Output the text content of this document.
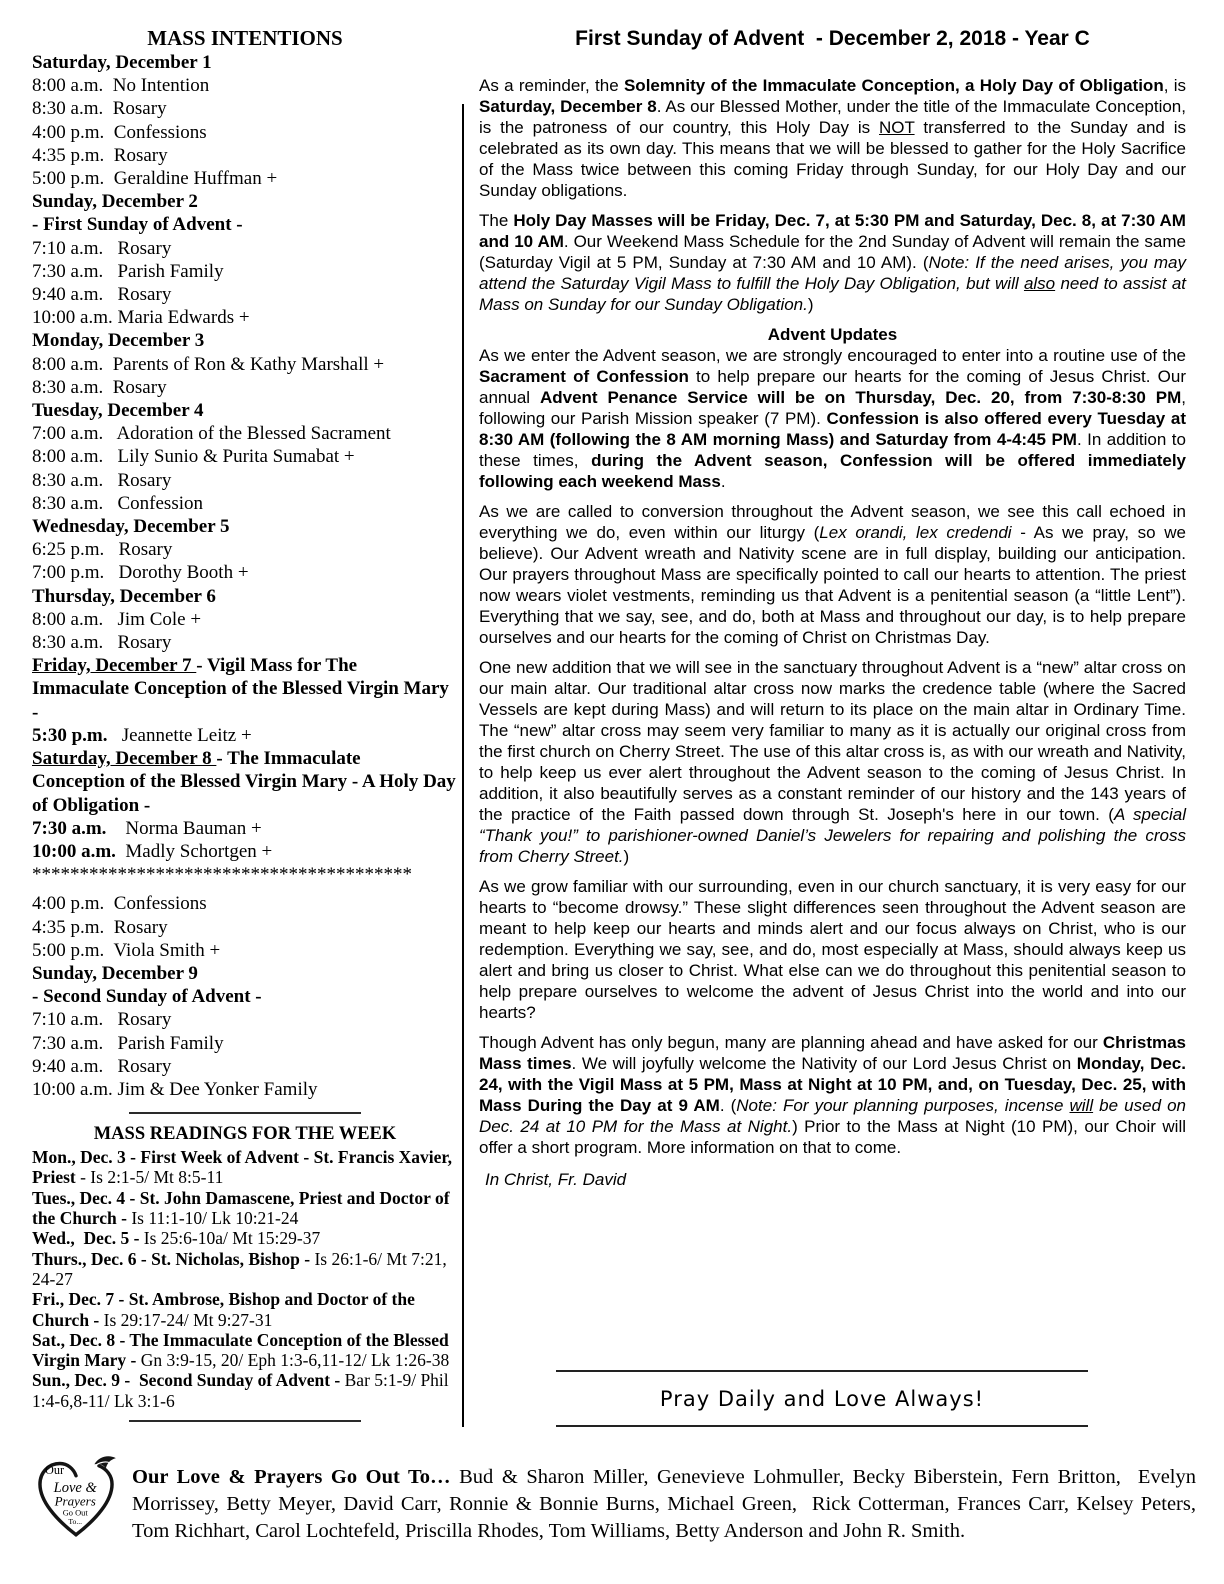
MASS INTENTIONS
Saturday, December 1
8:00 a.m.  No Intention
8:30 a.m.  Rosary
4:00 p.m.  Confessions
4:35 p.m.  Rosary
5:00 p.m.  Geraldine Huffman +
Sunday, December 2
- First Sunday of Advent -
7:10 a.m.   Rosary
7:30 a.m.   Parish Family
9:40 a.m.   Rosary
10:00 a.m. Maria Edwards +
Monday, December 3
8:00 a.m.  Parents of Ron & Kathy Marshall +
8:30 a.m.  Rosary
Tuesday, December 4
7:00 a.m.   Adoration of the Blessed Sacrament
8:00 a.m.   Lily Sunio & Purita Sumabat +
8:30 a.m.   Rosary
8:30 a.m.   Confession
Wednesday, December 5
6:25 p.m.   Rosary
7:00 p.m.   Dorothy Booth +
Thursday, December 6
8:00 a.m.   Jim Cole +
8:30 a.m.   Rosary
Friday, December 7 - Vigil Mass for The Immaculate Conception of the Blessed Virgin Mary -
5:30 p.m.   Jeannette Leitz +
Saturday, December 8 - The Immaculate Conception of the Blessed Virgin Mary - A Holy Day of Obligation -
7:30 a.m.    Norma Bauman +
10:00 a.m.  Madly Schortgen +
****************************************
4:00 p.m.  Confessions
4:35 p.m.  Rosary
5:00 p.m.  Viola Smith +
Sunday, December 9
- Second Sunday of Advent -
7:10 a.m.   Rosary
7:30 a.m.   Parish Family
9:40 a.m.   Rosary
10:00 a.m. Jim & Dee Yonker Family
MASS READINGS FOR THE WEEK
Mon., Dec. 3 - First Week of Advent - St. Francis Xavier, Priest - Is 2:1-5/ Mt 8:5-11
Tues., Dec. 4 - St. John Damascene, Priest and Doctor of the Church - Is 11:1-10/ Lk 10:21-24
Wed.,  Dec. 5 - Is 25:6-10a/ Mt 15:29-37
Thurs., Dec. 6 - St. Nicholas, Bishop - Is 26:1-6/ Mt 7:21, 24-27
Fri., Dec. 7 - St. Ambrose, Bishop and Doctor of the Church - Is 29:17-24/ Mt 9:27-31
Sat., Dec. 8 - The Immaculate Conception of the Blessed Virgin Mary - Gn 3:9-15, 20/ Eph 1:3-6,11-12/ Lk 1:26-38
Sun., Dec. 9 -  Second Sunday of Advent - Bar 5:1-9/ Phil 1:4-6,8-11/ Lk 3:1-6
First Sunday of Advent  - December 2, 2018 - Year C
As a reminder, the Solemnity of the Immaculate Conception, a Holy Day of Obligation, is Saturday, December 8. As our Blessed Mother, under the title of the Immaculate Conception, is the patroness of our country, this Holy Day is NOT transferred to the Sunday and is celebrated as its own day. This means that we will be blessed to gather for the Holy Sacrifice of the Mass twice between this coming Friday through Sunday, for our Holy Day and our Sunday obligations.
The Holy Day Masses will be Friday, Dec. 7, at 5:30 PM and Saturday, Dec. 8, at 7:30 AM and 10 AM. Our Weekend Mass Schedule for the 2nd Sunday of Advent will remain the same (Saturday Vigil at 5 PM, Sunday at 7:30 AM and 10 AM). (Note: If the need arises, you may attend the Saturday Vigil Mass to fulfill the Holy Day Obligation, but will also need to assist at Mass on Sunday for our Sunday Obligation.)
Advent Updates
As we enter the Advent season, we are strongly encouraged to enter into a routine use of the Sacrament of Confession to help prepare our hearts for the coming of Jesus Christ. Our annual Advent Penance Service will be on Thursday, Dec. 20, from 7:30-8:30 PM, following our Parish Mission speaker (7 PM). Confession is also offered every Tuesday at 8:30 AM (following the 8 AM morning Mass) and Saturday from 4-4:45 PM. In addition to these times, during the Advent season, Confession will be offered immediately following each weekend Mass.
As we are called to conversion throughout the Advent season, we see this call echoed in everything we do, even within our liturgy (Lex orandi, lex credendi - As we pray, so we believe). Our Advent wreath and Nativity scene are in full display, building our anticipation. Our prayers throughout Mass are specifically pointed to call our hearts to attention. The priest now wears violet vestments, reminding us that Advent is a penitential season (a “little Lent”). Everything that we say, see, and do, both at Mass and throughout our day, is to help prepare ourselves and our hearts for the coming of Christ on Christmas Day.
One new addition that we will see in the sanctuary throughout Advent is a “new” altar cross on our main altar. Our traditional altar cross now marks the credence table (where the Sacred Vessels are kept during Mass) and will return to its place on the main altar in Ordinary Time. The “new” altar cross may seem very familiar to many as it is actually our original cross from the first church on Cherry Street. The use of this altar cross is, as with our wreath and Nativity, to help keep us ever alert throughout the Advent season to the coming of Jesus Christ. In addition, it also beautifully serves as a constant reminder of our history and the 143 years of the practice of the Faith passed down through St. Joseph's here in our town. (A special “Thank you!” to parishioner-owned Daniel’s Jewelers for repairing and polishing the cross from Cherry Street.)
As we grow familiar with our surrounding, even in our church sanctuary, it is very easy for our hearts to “become drowsy.” These slight differences seen throughout the Advent season are meant to help keep our hearts and minds alert and our focus always on Christ, who is our redemption. Everything we say, see, and do, most especially at Mass, should always keep us alert and bring us closer to Christ. What else can we do throughout this penitential season to help prepare ourselves to welcome the advent of Jesus Christ into the world and into our hearts?
Though Advent has only begun, many are planning ahead and have asked for our Christmas Mass times. We will joyfully welcome the Nativity of our Lord Jesus Christ on Monday, Dec. 24, with the Vigil Mass at 5 PM, Mass at Night at 10 PM, and, on Tuesday, Dec. 25, with Mass During the Day at 9 AM. (Note: For your planning purposes, incense will be used on Dec. 24 at 10 PM for the Mass at Night.) Prior to the Mass at Night (10 PM), our Choir will offer a short program. More information on that to come.
In Christ, Fr. David
Pray Daily and Love Always!
Our
Love &
Prayers
Go Out
To...
Our Love & Prayers Go Out To… Bud & Sharon Miller, Genevieve Lohmuller, Becky Biberstein, Fern Britton,  Evelyn Morrissey, Betty Meyer, David Carr, Ronnie & Bonnie Burns, Michael Green,  Rick Cotterman, Frances Carr, Kelsey Peters, Tom Richhart, Carol Lochtefeld, Priscilla Rhodes, Tom Williams, Betty Anderson and John R. Smith.
